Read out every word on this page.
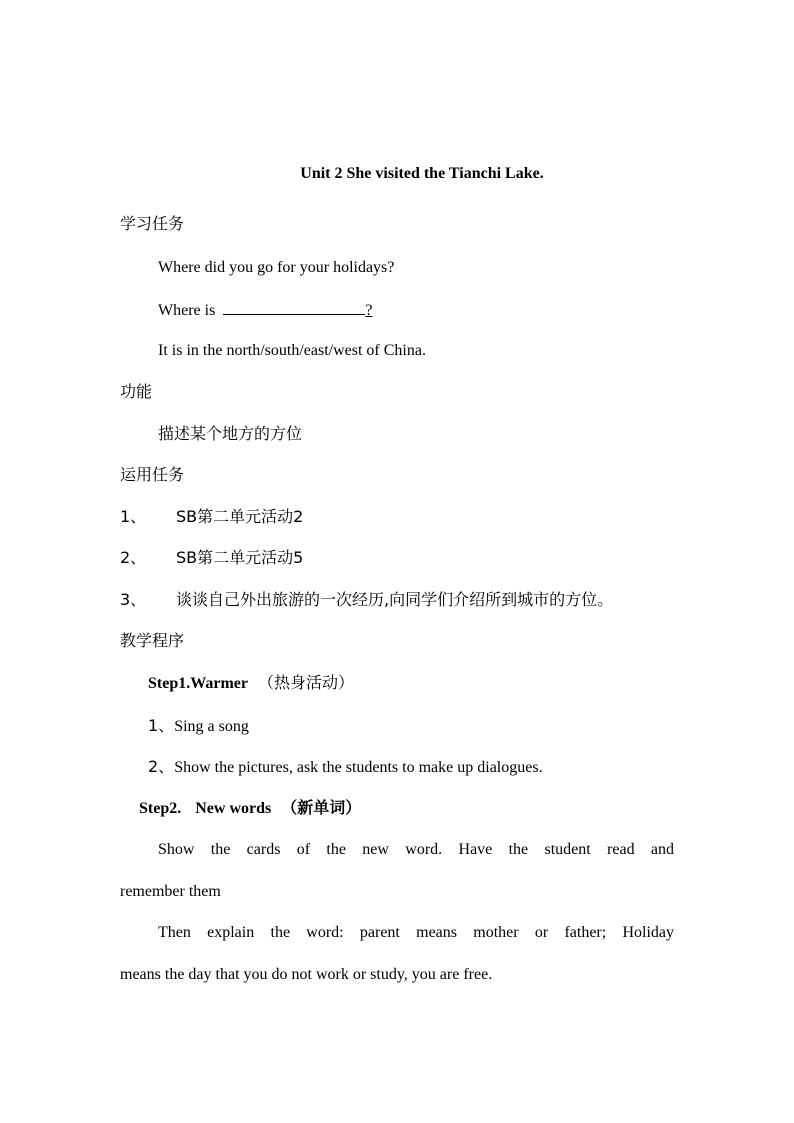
Unit 2 She visited the Tianchi Lake.
学习任务
Where did you go for your holidays?
Where is	?
It is in the north/south/east/west of China.
功能
描述某个地方的方位
运用任务
1、 SB第二单元活动2
2、 SB第二单元活动5
3、 谈谈自己外出旅游的一次经历,向同学们介绍所到城市的方位。
教学程序
Step1.Warmer （热身活动）
1、Sing a song
2、Show the pictures, ask the students to make up dialogues.
Step2. New words （新单词）
Show the cards of the new word. Have the student read and
remember them
Then explain the word: parent means mother or father; Holiday
means the day that you do not work or study, you are free.
